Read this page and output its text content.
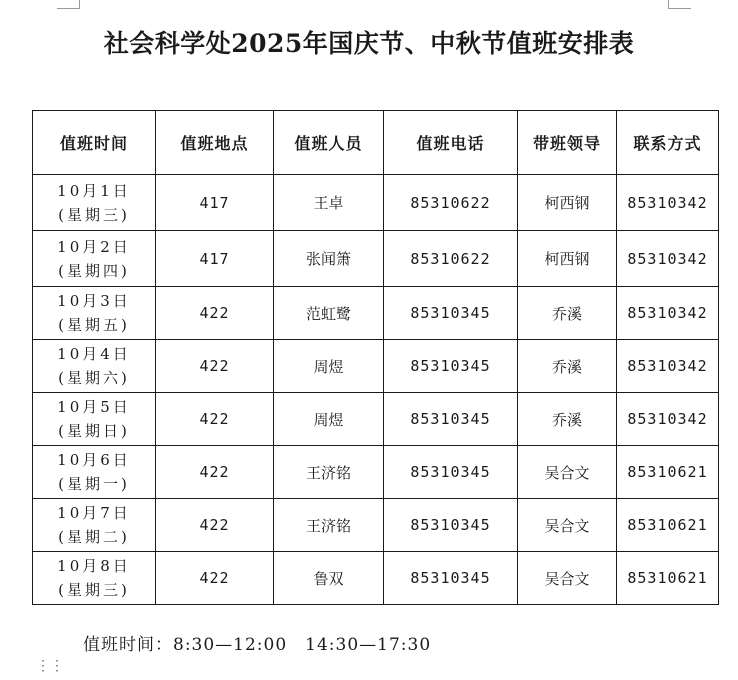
社会科学处2025年国庆节、中秋节值班安排表
值班时间	值班地点	值班人员	值班电话	带班领导	联系方式

10月1日
(星期三)	417	王卓	85310622	柯西钢	85310342

10月2日
(星期四)	417	张闻箫	85310622	柯西钢	85310342

10月3日
(星期五)	422	范虹鹭	85310345	乔溪	85310342

10月4日
(星期六)	422	周煜	85310345	乔溪	85310342

10月5日
(星期日)	422	周煜	85310345	乔溪	85310342

10月6日
(星期一)	422	王济铭	85310345	吴合文	85310621

10月7日
(星期二)	422	王济铭	85310345	吴合文	85310621

10月8日
(星期三)	422	鲁双	85310345	吴合文	85310621
值班时间：8:30—12:00　14:30—17:30
⋮⋮
